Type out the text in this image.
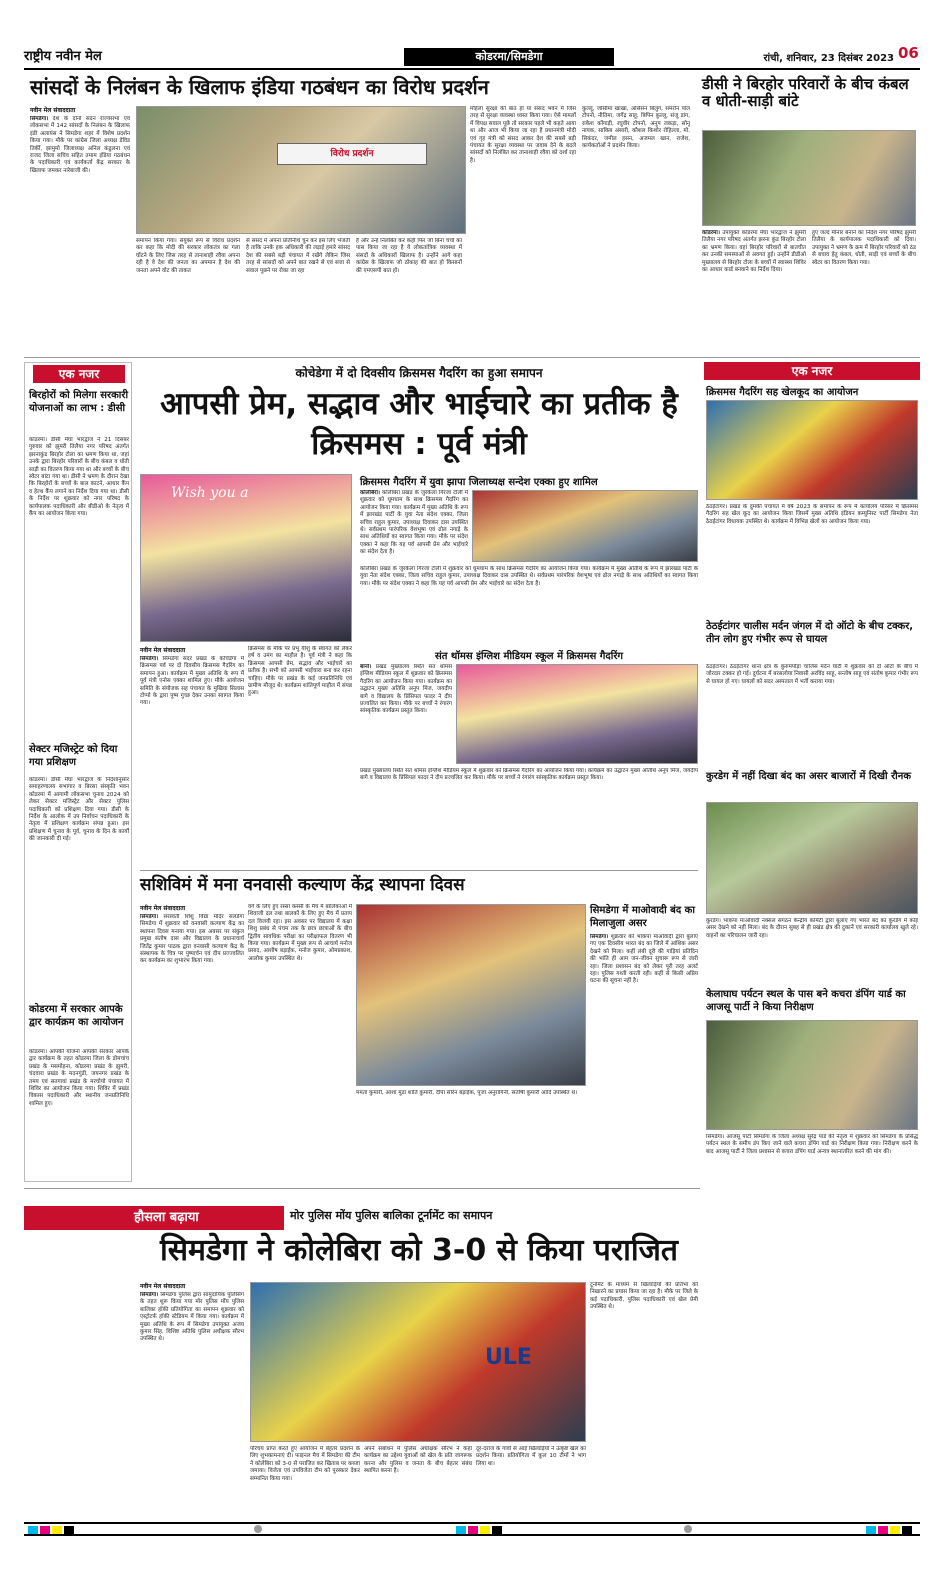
राष्ट्रीय नवीन मेल	कोडरमा/सिमडेगा	रांची, शनिवार, 23 दिसंबर 2023 06
सांसदों के निलंबन के खिलाफ इंडिया गठबंधन का विरोध प्रदर्शन
नवीन मेल संवाददाता
सिमडेगा। देश के दोनों सदन राज्यसभा एवं लोकसभा में 142 सांसदों के निलंबन के खिलाफ इंडी अलायंस ने सिमडेगा शहर में विशेष प्रदर्शन किया गया। मौके पर कांग्रेस जिला अध्यक्ष डेविड तिर्की, झामुमो जिलाध्यक्ष अनिल कंडुलना एवं राजद जिला सचिव सहित तमाम इंडिया गठबंधन के पदाधिकारी एवं कार्यकर्ता केंद्र सरकार के खिलाफ जमकर नारेबाजी की।
विरोध प्रदर्शन
समापन किया गया। संयुक्त रूप से विरोध प्रदर्शन कर कहा कि मोदी की सरकार लोकतंत्र का गला घोंटने के लिए जिस तरह से तानाशाही रवैया अपना रही है वे देश की जनता का अपमान है देश की जनता अपने वोट की ताकत
से संसद में अपना प्रतिनिधि चुन कर इस लिए भेजती है ताकि उनके हक अधिकारी की लड़ाई हमारे सांसद देश की सबसे बड़ी पंचायत में रखेंगे लेकिन जिस तरह से सांसदों को अपने बात रखने से एवं सत्ता से सवाल पूछने पर रोका जा रहा
है और उन्हें निलंबित कर कहीं फिर जो बिना चर्चा का पास किया जा रहा है ये लोकतांत्रिक व्यवस्था में संसदों के अधिकारों खिलाफ है। उन्होंने आगे कहा कांग्रेस के खिलाफ जो ठोकाह की बात हो किसानों की एमएसपी बात हो।
महिला सुरक्षा की बात हो या संसद भवन में जिस तरह से सुरक्षा व्यवस्था ध्वस्त किया गया। ऐसे मामलों में विपक्ष सवाल पूछे तो सरकार पहले भी कहते आया था और आज भी किया जा रहा है प्रधानमंत्री मोदी एवं गृह मंत्री को संसद आकर देश की सबसे बड़ी पंचायत के सुरक्षा व्यवस्था पर जवाब देने के बदले सांसदों को निलंबित कर तानाशाही रवैया को दर्शा रहा है।
कुल्लू, जोसीमा खाखा, असिसन बिलुंग, समरोन पॉल टोपनो, नीतिमा, जगेंद्र साहू, बिपिन कुल्लू, संजू डांग, राकेश कोंगाड़ी, रघुवीर टोपनो, अनूप लकड़ा, सोनू नायक, साकिब अंसारी, कौशल किशोर रोहिल्ला, मो. सिकंदर, जमील हसन, अजमल खान, राजेश, कार्यकर्ताओं ने प्रदर्शन किया।
डीसी ने बिरहोर परिवारों के बीच कंबल व धोती-साड़ी बांटे
कोडरमा। उपायुक्त कोडरमा मेघा भारद्वाज ने झुमरी तिलैया नगर परिषद अंतर्गत झरना कुंड बिरहोर टोला का भ्रमण किया। वहां बिरहोर परिवारों से बातचीत कर उनकी समस्याओं से अवगत हुई। उन्होंने डीडीओ मुख्यालय से बिरहोर टोला के बच्चों में स्वास्थ्य शिविर का आधार कार्ड बनवाने का निर्देश दिया।
हुए जल्द मीनार बनाने का निर्देश नगर परिषद झुमरी तिलैया के कार्यपालक पदाधिकारी को दिया। उपायुक्त ने भ्रमण के क्रम में बिरहोर परिवारों को ठंड से बचाव हेतु कंबल, धोती, साड़ी एवं बच्चों के बीच स्वेटर का वितरण किया गया।
एक नजर
बिरहोरों को मिलेगा सरकारी योजनाओं का लाभ : डीसी
कोडरमा। डीसी मेघा भारद्वाज ने 21 दिसंबर गुरुवार को झुमरी तिलैया नगर परिषद अंतर्गत झरनाकुंड बिरहोर टोला का भ्रमण किया था, जहां उनके द्वारा बिरहोर परिवारों के बीच कंबल व धोती साड़ी का वितरण किया गया था और बच्चों के बीच स्वेटर बांटा गया था। डीसी ने भ्रमण के दौरान देखा कि बिरहोरों के बच्चों के बाल काटने, आधार कैंप व हेल्थ कैंप लगाने का निर्देश दिया गया था। डीसी के निर्देश पर शुक्रवार को नगर परिषद के कार्यपालक पदाधिकारी और बीडीओ के नेतृत्व में कैंप का आयोजन किया गया।
सेक्टर मजिस्ट्रेट को दिया गया प्रशिक्षण
कोडरमा। डीसी मेघा भारद्वाज के निर्देशानुसार समाहरणालय सभागार व बिरसा संस्कृति भवन कोडरमा में आगामी लोकसभा चुनाव 2024 को लेकर सेक्टर मजिस्ट्रेट और सेक्टर पुलिस पदाधिकारी को प्रशिक्षण दिया गया। डीसी के निर्देश के आलोक में उप निर्वाचन पदाधिकारी के नेतृत्व में प्रशिक्षण कार्यक्रम संपन्न हुआ। इस प्रशिक्षण में चुनाव के पूर्व, चुनाव के दिन के कार्यों की जानकारी दी गई।
कोडरमा में सरकार आपके द्वार कार्यक्रम का आयोजन
कोडरमा। आपकी योजना आपकी सरकार आपके द्वार कार्यक्रम के तहत कोडरमा जिला के डोमचांच प्रखंड के मसमोहना, कोडरमा प्रखंड के झुमरी, चंदवारा प्रखंड के मदनगुंडी, जयनगर प्रखंड के तमय एवं सतगावां प्रखंड के मरचोयो पंचायत में शिविर का आयोजन किया गया। शिविर में प्रखंड विकास पदाधिकारी और स्थानीय जनप्रतिनिधि शामिल हुए।
कोचेडेगा में दो दिवसीय क्रिसमस गैदरिंग का हुआ समापन
आपसी प्रेम, सद्भाव और भाईचारे का प्रतीक है क्रिसमस : पूर्व मंत्री
Wish you a
नवीन मेल संवाददाता
सिमडेगा। सिमडेगा सदर प्रखंड के कोचेडेगा में क्रिसमस पर्व पर दो दिवसीय क्रिसमस गैदरिंग का समापन हुआ। कार्यक्रम में मुख्य अतिथि के रूप में पूर्व मंत्री एनोस एक्का शामिल हुए। मौके आयोजन समिति के संयोजक सह पंचायत के मुखिया सिलास टोप्पो के द्वारा पुष्प गुच्छ देकर उनका स्वागत किया गया।
क्रिसमस के मौके पर प्रभु यीशु के स्वागत को लेकर हर्ष व उमंग का माहौल है। पूर्व मंत्री ने कहा कि क्रिसमस आपसी प्रेम, सद्भाव और भाईचारे का प्रतीक है। सभी को आपसी भाईचारा बना कर रहना चाहिए। मौके पर प्रखंड के कई जनप्रतिनिधि एवं ग्रामीण मौजूद थे। कार्यक्रम शांतिपूर्ण माहौल में संपन्न हुआ।
क्रिसमस गैदरिंग में युवा झापा जिलाध्यक्ष सन्देश एक्का हुए शामिल
कोलेबिरा। कोलेबिरा प्रखंड के जुरकेला गिरजा टोली में शुक्रवार को धूमधाम के साथ क्रिसमस गैदरिंग का आयोजन किया गया। कार्यक्रम में मुख्य अतिथि के रूप में झारखंड पार्टी के युवा नेता संदेश एक्का, जिला सचिव राहुल कुमार, उपाध्यक्ष दिवाकर दास उपस्थित थे। सर्वप्रथम पारंपरिक वेशभूषा एवं ढोल नगाड़े के साथ अतिथियों का स्वागत किया गया। मौके पर संदेश एक्का ने कहा कि यह पर्व आपसी प्रेम और भाईचारे का संदेश देता है।
कोलेबिरा प्रखंड के जुरकेला गिरजा टोली में शुक्रवार को धूमधाम के साथ क्रिसमस गैदरिंग का आयोजन किया गया। कार्यक्रम में मुख्य अतिथि के रूप में झारखंड पार्टी के युवा नेता संदेश एक्का, जिला सचिव राहुल कुमार, उपाध्यक्ष दिवाकर दास उपस्थित थे। सर्वप्रथम पारंपरिक वेशभूषा एवं ढोल नगाड़े के साथ अतिथियों का स्वागत किया गया। मौके पर संदेश एक्का ने कहा कि यह पर्व आपसी प्रेम और भाईचारे का संदेश देता है।
संत थॉमस इंग्लिश मीडियम स्कूल में क्रिसमस गैदरिंग
बानो। प्रखंड मुख्यालय स्थित संत थॉमस इंग्लिश मीडियम स्कूल में शुक्रवार को क्रिसमस गैदरिंग का आयोजन किया गया। कार्यक्रम का उद्घाटन मुख्य अतिथि अनूप मिंज, जयदीप बागे व विद्यालय के प्रिंसिपल फादर ने दीप प्रज्वलित कर किया। मौके पर बच्चों ने रंगारंग सांस्कृतिक कार्यक्रम प्रस्तुत किया।
प्रखंड मुख्यालय स्थित संत थॉमस इंग्लिश मीडियम स्कूल में शुक्रवार को क्रिसमस गैदरिंग का आयोजन किया गया। कार्यक्रम का उद्घाटन मुख्य अतिथि अनूप मिंज, जयदीप बागे व विद्यालय के प्रिंसिपल फादर ने दीप प्रज्वलित कर किया। मौके पर बच्चों ने रंगारंग सांस्कृतिक कार्यक्रम प्रस्तुत किया।
एक नजर
क्रिसमस गैदरिंग सह खेलकूद का आयोजन
ठेठईटांगर। प्रखंड के दुमकी पंचायत में वर्ष 2023 के समापन के रूप में कार्यालय परिसर में क्रिसमस गैदरिंग सह खेल कूद का आयोजन किया जिसमें मुख्य अतिथि इंडियन कम्युनिस्ट पार्टी सिमडेगा नेता ठेठईटांगर विधायक उपस्थित थे। कार्यक्रम में विभिन्न खेलों का आयोजन किया गया।
ठेठईटांगर चालीस मर्दन जंगल में दो ऑटो के बीच टक्कर, तीन लोग हुए गंभीर रूप से घायल
ठेठईटांगर। ठेठईटांगर थाना क्षेत्र के कुरुमपोड़ा चालिस मर्दन घाटी में शुक्रवार को दो ऑटो के बीच में जोरदार टक्कर हो गई। दुर्घटना में बरसलोया निवासी अरविंद साहू, सन्तोष साहू एवं संतोष कुमार गंभीर रूप से घायल हो गए। घायलों को सदर अस्पताल में भर्ती कराया गया।
कुरडेग में नहीं दिखा बंद का असर बाजारों में दिखी रौनक
कुरडेग। भाकपा माओवादी नक्सल संगठन केन्द्रीय कमिटी द्वारा बुलाए गए भारत बंद का कुरडेग में कोई असर देखने को नहीं मिला। बंद के दौरान सुबह से ही प्रखंड क्षेत्र की दुकानें एवं सरकारी कार्यालय खुले रहे। वाहनों का परिचालन जारी रहा।
केलाघाघ पर्यटन स्थल के पास बने कचरा डंपिंग यार्ड का आजसू पार्टी ने किया निरीक्षण
सिमडेगा। आजसू पार्टी सिमडेगा के जिला अध्यक्ष सुरेंद्र पांडे की नेतृत्व में शुक्रवार को सिमडेगा के प्रसिद्ध पर्यटन स्थल के समीप डंप किए जाने वाले कचरा डंपिंग यार्ड का निरीक्षण किया गया। निरीक्षण करने के बाद आजसू पार्टी ने जिला प्रशासन से कचरा डंपिंग यार्ड अन्यत्र स्थानांतरित करने की मांग की।
सशिविमं में मना वनवासी कल्याण केंद्र स्थापना दिवस
नवीन मेल संवाददाता
सिमडेगा। सरस्वती शिशु विद्या मंदिर सलडेगा सिमडेगा में शुक्रवार को वनवासी कल्याण केंद्र का स्थापना दिवस मनाया गया। इस अवसर पर संकुल प्रमुख संतोष दास और विद्यालय के प्रधानाचार्य जितेंद्र कुमार पाठक द्वारा वनवासी कल्याण केंद्र के संस्थापक के चित्र पर पुष्पार्चन एवं दीप प्रज्ज्वलित कर कार्यक्रम का शुभारंभ किया गया।
वर्ग के लिए हुए रस्सा कस्सी के मैच में बालिकाओं में शिवाजी दल तथा बालकों के लिए हुए मैच में प्रताप दल विजयी रहा। इस अवसर पर विद्यालय में कक्षा शिशु प्रबंध से पंचम तक के छात्र छात्राओं के बीच द्वितीय सावधिक परीक्षा का परीक्षाफल वितरण भी किया गया। कार्यक्रम में मुख्य रूप से आचार्य मनोज प्रसाद, आशीष बड़ाईक, मनोज कुमार, ओमप्रकाश, आलोक कुमार उपस्थित थे।
ममता कुमारी, आशा मुंडा शांति कुमारी, दीपा सोरेन बड़ाईक, पूजा अनुरागिनी, संतोषी कुमारी आदि उपस्थित थे।
सिमडेगा में माओवादी बंद का मिलाजुला असर
सिमडेगा। शुक्रवार को भाकपा माओवादी द्वारा बुलाए गए एक दिवसीय भारत बंद का जिले में आंशिक असर देखने को मिला। कहीं लंबी दूरी की गाड़ियां प्रतिदिन की भांति ही आम जन-जीवन सुचारू रूप से जारी रहा। जिला प्रशासन बंद को लेकर पूरी तरह अलर्ट रहा। पुलिस गश्ती करती रही। कहीं से किसी अप्रिय घटना की सूचना नहीं है।
हौसला बढ़ाया	मोर पुलिस मोंय पुलिस बालिका टूर्नामेंट का समापन
सिमडेगा ने कोलेबिरा को 3-0 से किया पराजित
नवीन मेल संवाददाता
सिमडेगा। सिमडेगा पुलिस द्वारा सामुदायिक पुलिसिंग के तहत शुरू किया गया मोर पुलिस मोंय पुलिस बालिका हॉकी प्रतियोगिता का समापन शुक्रवार को एस्ट्रोटर्फ हॉकी स्टेडियम में किया गया। कार्यक्रम में मुख्य अतिथि के रूप में सिमडेगा उपायुक्त अजय कुमार सिंह, विशिष्ट अतिथि पुलिस अधीक्षक सौरभ उपस्थित थे।
ULE
परिचय प्राप्त करते हुए आयोजन में बेहतर प्रदर्शन के लिए शुभकामनाएं दी। फाइनल मैच में सिमडेगा की टीम ने कोलेबिरा को 3-0 से पराजित कर खिताब पर कब्जा जमाया। विजेता एवं उपविजेता टीम को पुरस्कार देकर सम्मानित किया गया।
अपने संबोधन में पुलिस अधीक्षक सौरभ ने कहा कार्यक्रम का उद्देश्य युवाओं को खेल के प्रति जागरूक करना और पुलिस व जनता के बीच बेहतर संबंध स्थापित करना है।
दूर-दराज के गांवों से आई खिलाड़ियों ने उत्कृष्ट खेल का प्रदर्शन किया। प्रतियोगिता में कुल 10 टीमों ने भाग लिया था।
टूर्नामेंट के माध्यम से खिलाड़ियों की प्रतिभा को निखारने का प्रयास किया जा रहा है। मौके पर जिले के कई पदाधिकारी, पुलिस पदाधिकारी एवं खेल प्रेमी उपस्थित थे।
